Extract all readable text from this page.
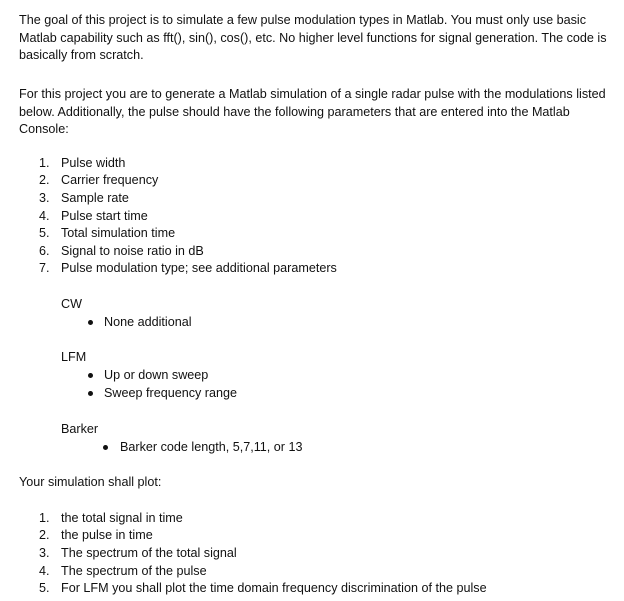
The goal of this project is to simulate a few pulse modulation types in Matlab. You must only use basic Matlab capability such as fft(), sin(), cos(), etc. No higher level functions for signal generation. The code is basically from scratch.

For this project you are to generate a Matlab simulation of a single radar pulse with the modulations listed below. Additionally, the pulse should have the following parameters that are entered into the Matlab Console:

1. Pulse width
2. Carrier frequency
3. Sample rate
4. Pulse start time
5. Total simulation time
6. Signal to noise ratio in dB
7. Pulse modulation type; see additional parameters
CW
None additional
LFM
Up or down sweep
Sweep frequency range
Barker
Barker code length, 5,7,11, or 13
Your simulation shall plot:
1. the total signal in time
2. the pulse in time
3. The spectrum of the total signal
4. The spectrum of the pulse
5. For LFM you shall plot the time domain frequency discrimination of the pulse
